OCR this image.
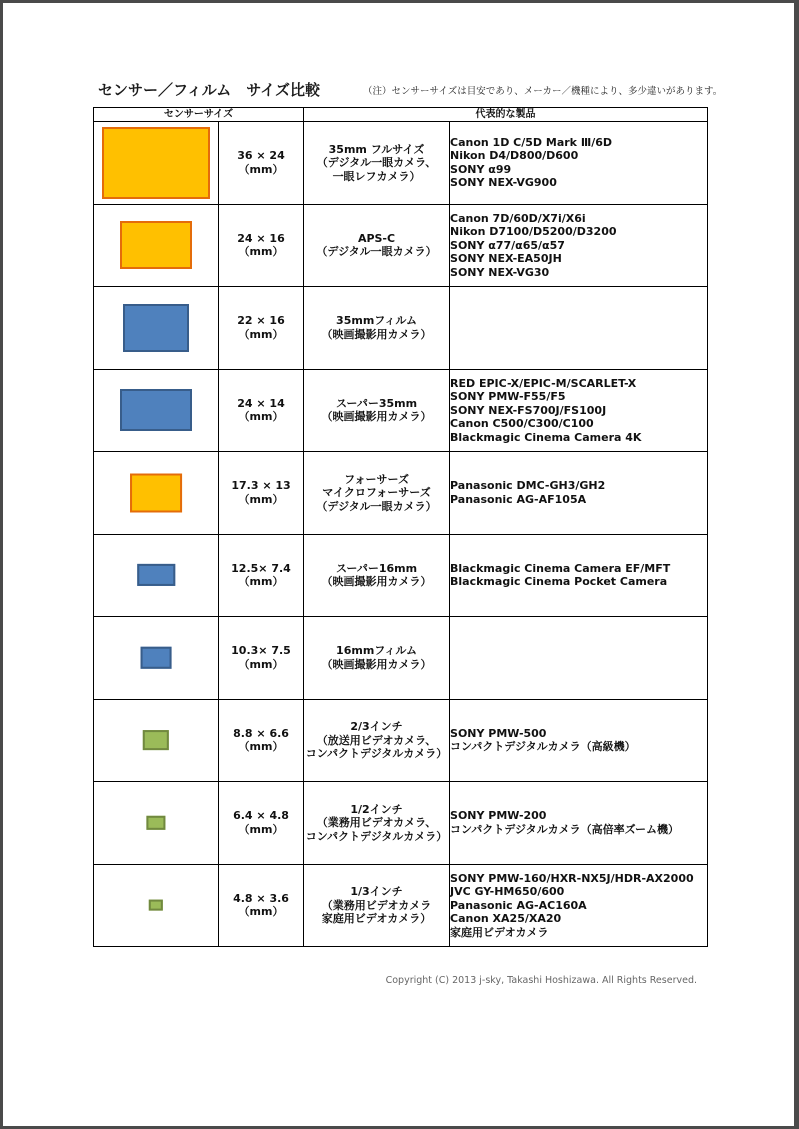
センサー／フィルム　サイズ比較	（注）センサーサイズは目安であり、メーカー／機種により、多少違いがあります。
センサーサイズ		代表的な製品	

	36 × 24
（mm）	35mm フルサイズ
（デジタル一眼カメラ、
一眼レフカメラ）	Canon 1D C/5D Mark Ⅲ/6D
Nikon D4/D800/D600
SONY α99
SONY NEX-VG900

	24 × 16
（mm）	APS-C
（デジタル一眼カメラ）	Canon 7D/60D/X7i/X6i
Nikon D7100/D5200/D3200
SONY α77/α65/α57
SONY NEX-EA50JH
SONY NEX-VG30

	22 × 16
（mm）	35mmフィルム
（映画撮影用カメラ）	

	24 × 14
（mm）	スーパー35mm
（映画撮影用カメラ）	RED EPIC-X/EPIC-M/SCARLET-X
SONY PMW-F55/F5
SONY NEX-FS700J/FS100J
Canon C500/C300/C100
Blackmagic Cinema Camera 4K

	17.3 × 13
（mm）	フォーサーズ
マイクロフォーサーズ
（デジタル一眼カメラ）	Panasonic DMC-GH3/GH2
Panasonic AG-AF105A

	12.5× 7.4
（mm）	スーパー16mm
（映画撮影用カメラ）	Blackmagic Cinema Camera EF/MFT
Blackmagic Cinema Pocket Camera

	10.3× 7.5
（mm）	16mmフィルム
（映画撮影用カメラ）	

	8.8 × 6.6
（mm）	2/3インチ
（放送用ビデオカメラ、
コンパクトデジタルカメラ）	SONY PMW-500
コンパクトデジタルカメラ（高級機）

	6.4 × 4.8
（mm）	1/2インチ
（業務用ビデオカメラ、
コンパクトデジタルカメラ）	SONY PMW-200
コンパクトデジタルカメラ（高倍率ズーム機）

	4.8 × 3.6
（mm）	1/3インチ
（業務用ビデオカメラ
家庭用ビデオカメラ）	SONY PMW-160/HXR-NX5J/HDR-AX2000
JVC GY-HM650/600
Panasonic AG-AC160A
Canon XA25/XA20
家庭用ビデオカメラ
Copyright (C) 2013 j-sky, Takashi Hoshizawa. All Rights Reserved.
